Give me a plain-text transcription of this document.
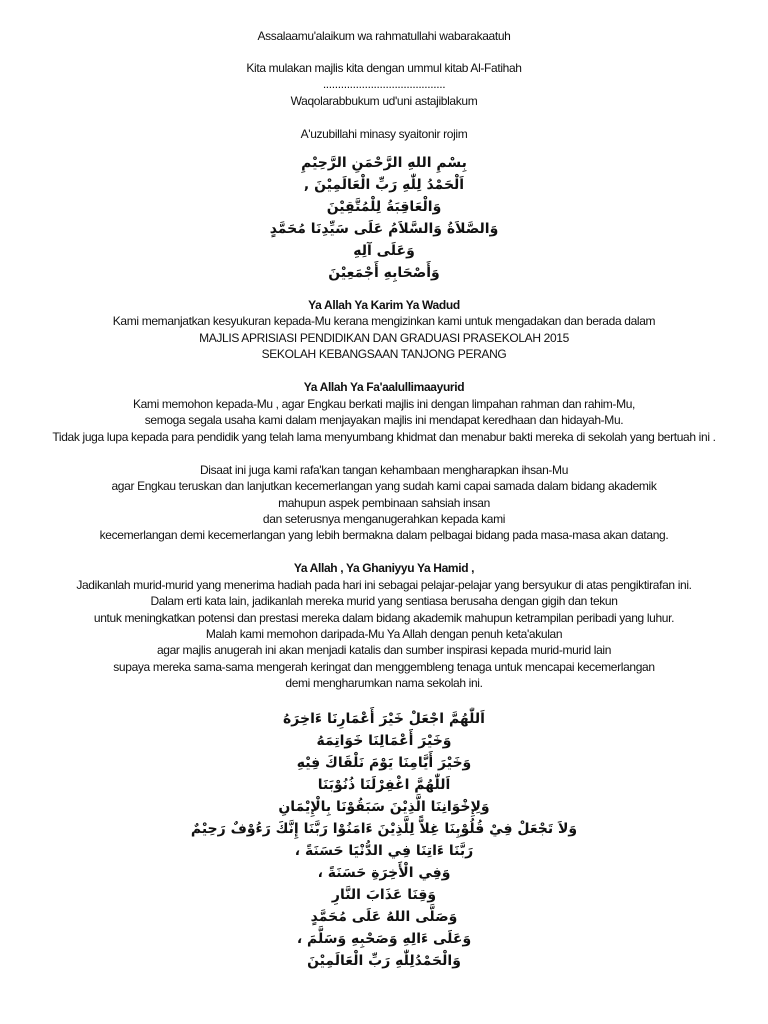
Assalaamu'alaikum wa rahmatullahi wabarakaatuh
Kita mulakan majlis kita dengan ummul kitab Al-Fatihah
.........................................
Waqolarabbukum ud'uni astajiblakum
A'uzubillahi minasy syaitonir rojim
بِسْمِ اللهِ الرَّحْمَنِ الرَّحِيْمِ
اَلْحَمْدُ لِلّٰهِ رَبِّ الْعَالَمِيْنَ ,
وَالْعَاقِبَةُ لِلْمُتَّقِيْنَ
وَالصَّلاَةُ وَالسَّلاَمُ عَلَى سَيِّدِنَا مُحَمَّدٍ
وَعَلَى آلِهِ
وَأَصْحَابِهِ أَجْمَعِيْنَ
Ya Allah Ya Karim Ya Wadud
Kami memanjatkan kesyukuran kepada-Mu kerana mengizinkan kami untuk mengadakan dan berada dalam
MAJLIS APRISIASI PENDIDIKAN DAN GRADUASI PRASEKOLAH 2015
SEKOLAH KEBANGSAAN TANJONG PERANG
Ya Allah Ya Fa'aalullimaayurid
Kami memohon kepada-Mu , agar Engkau berkati majlis ini dengan limpahan rahman dan rahim-Mu,
semoga segala usaha kami dalam menjayakan majlis ini mendapat keredhaan dan hidayah-Mu.
Tidak juga lupa kepada para pendidik yang telah lama menyumbang khidmat dan menabur bakti mereka di sekolah yang bertuah ini .
Disaat ini juga kami rafa'kan tangan kehambaan mengharapkan ihsan-Mu
agar Engkau teruskan dan lanjutkan kecemerlangan yang sudah kami capai samada dalam bidang akademik
mahupun aspek pembinaan sahsiah insan
dan seterusnya menganugerahkan kepada kami
kecemerlangan demi kecemerlangan yang lebih bermakna dalam pelbagai bidang pada masa-masa akan datang.
Ya Allah , Ya Ghaniyyu Ya Hamid ,
Jadikanlah murid-murid yang menerima hadiah pada hari ini sebagai pelajar-pelajar yang bersyukur di atas pengiktirafan ini.
Dalam erti kata lain, jadikanlah mereka murid yang sentiasa berusaha dengan gigih dan tekun
untuk meningkatkan potensi dan prestasi mereka dalam bidang akademik mahupun ketrampilan peribadi yang luhur.
Malah kami memohon daripada-Mu Ya Allah dengan penuh keta'akulan
agar majlis anugerah ini akan menjadi katalis dan sumber inspirasi kepada murid-murid lain
supaya mereka sama-sama mengerah keringat dan menggembleng tenaga untuk mencapai kecemerlangan
demi mengharumkan nama sekolah ini.
اَللّٰهُمَّ اجْعَلْ خَيْرَ أَعْمَارِنَا ءَاخِرَهُ
وَخَيْرَ أَعْمَالِنَا خَوَاتِمَهُ
وَخَيْرَ أَيَّامِنَا يَوْمَ نَلْقَاكَ فِيْهِ
اَللّٰهُمَّ اغْفِرْلَنَا ذُنُوْبَنَا
وَلِإِخْوَانِنَا الَّذِيْنَ سَبَقُوْنَا بِالْإِيْمَانِ
وَلاَ تَجْعَلْ فِيْ قُلُوْبِنَا غِلاًّ لِلَّذِيْنَ ءَامَنُوْا رَبَّنَا إِنَّكَ رَءُوْفٌ رَحِيْمٌ
رَبَّنَا ءَاتِنَا فِي الدُّنْيَا حَسَنَةً ،
وَفِي الْأَخِرَةِ حَسَنَةً ،
وَقِنَا عَذَابَ النَّارِ
وَصَلَّى اللهُ عَلَى مُحَمَّدٍ
وَعَلَى ءَالِهِ وَصَحْبِهِ وَسَلَّمَ ،
وَالْحَمْدُلِلّٰهِ رَبِّ الْعَالَمِيْنَ
